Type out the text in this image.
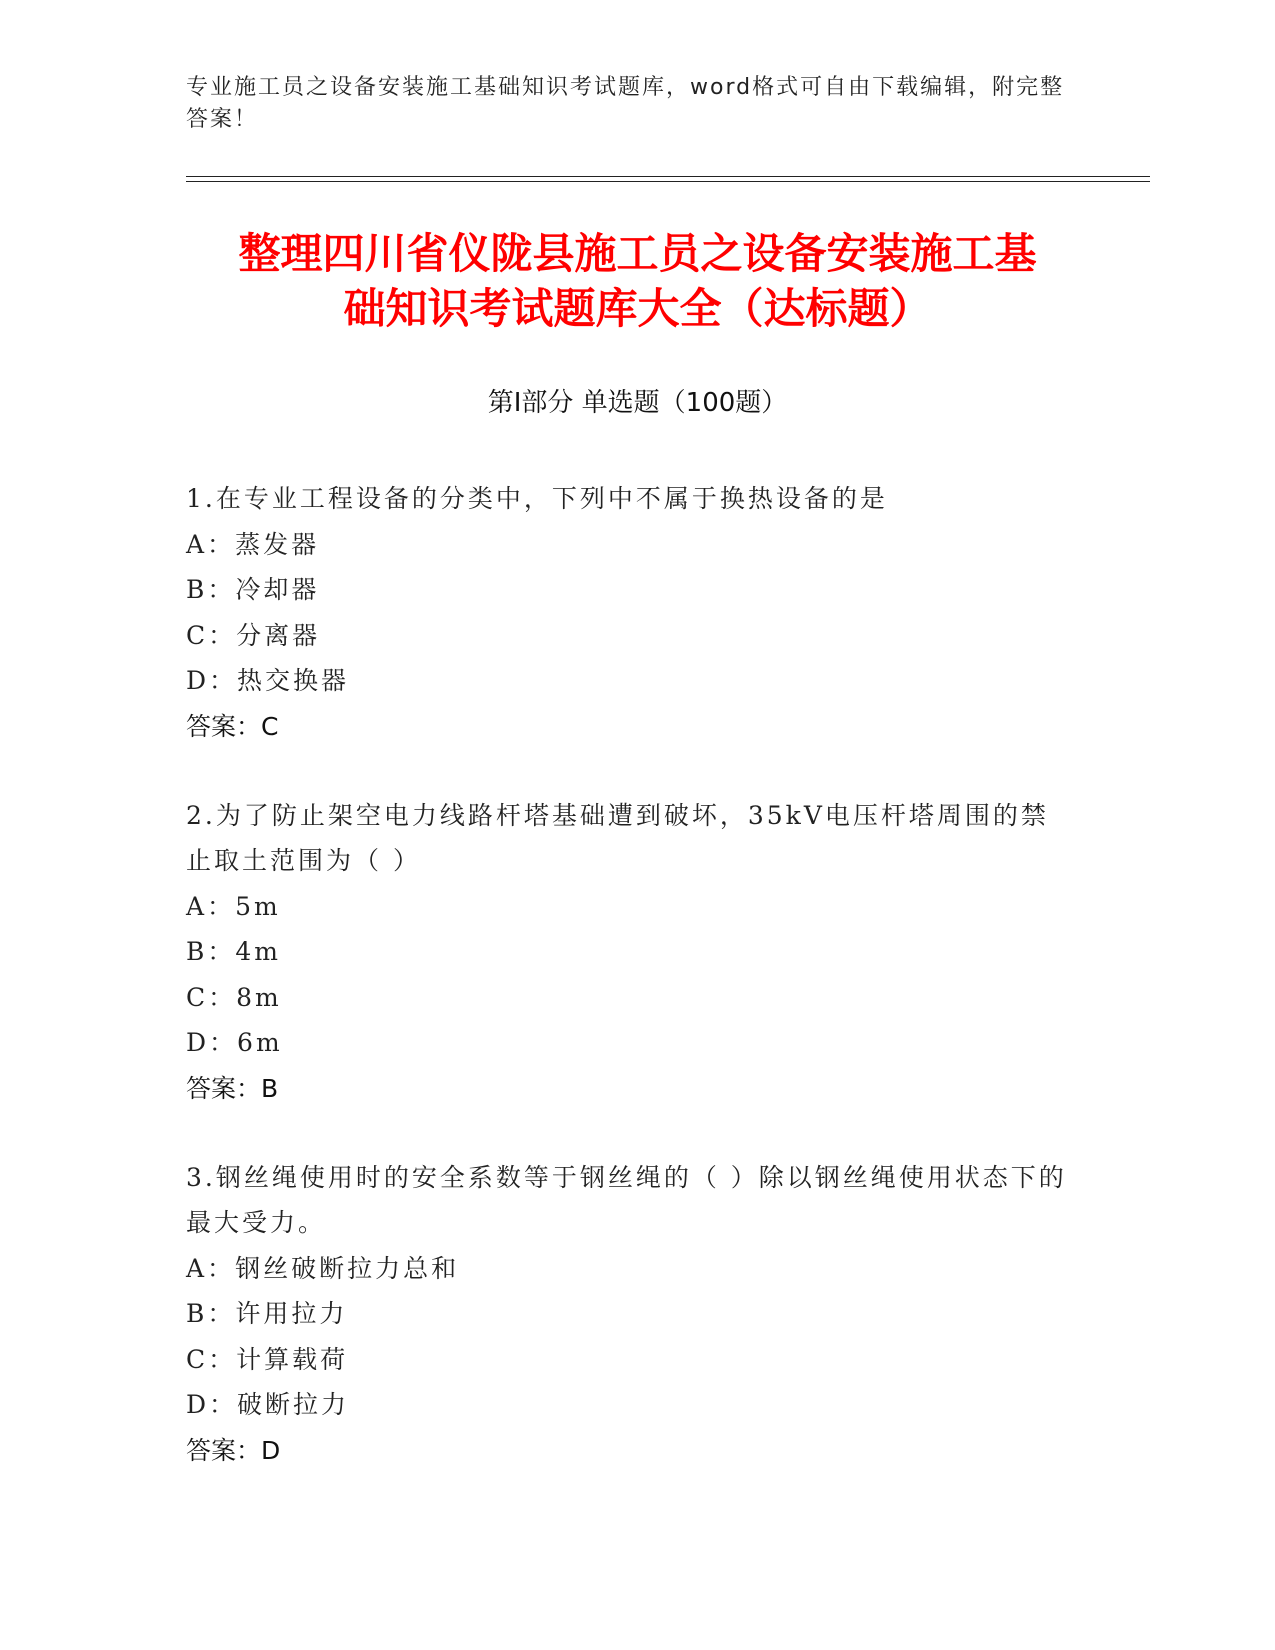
专业施工员之设备安装施工基础知识考试题库，word格式可自由下载编辑，附完整答案！
整理四川省仪陇县施工员之设备安装施工基
础知识考试题库大全（达标题）
第Ⅰ部分 单选题（100题）
1.在专业工程设备的分类中，下列中不属于换热设备的是
A：蒸发器
B：冷却器
C：分离器
D：热交换器
答案：C
2.为了防止架空电力线路杆塔基础遭到破坏，35kV电压杆塔周围的禁止取土范围为（ ）
A：5m
B：4m
C：8m
D：6m
答案：B
3.钢丝绳使用时的安全系数等于钢丝绳的（ ）除以钢丝绳使用状态下的最大受力。
A：钢丝破断拉力总和
B：许用拉力
C：计算载荷
D：破断拉力
答案：D
